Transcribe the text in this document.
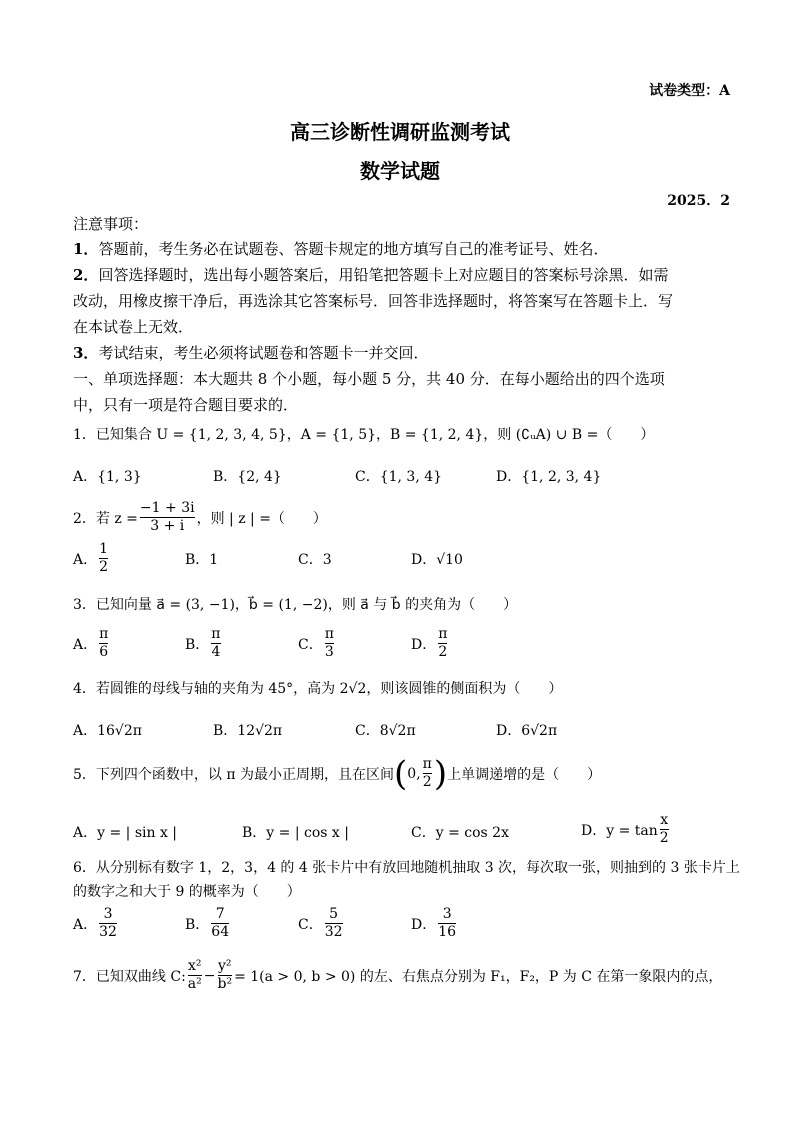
试卷类型：A
高三诊断性调研监测考试
数学试题
2025．2
注意事项：
1．答题前，考生务必在试题卷、答题卡规定的地方填写自己的准考证号、姓名．
2．回答选择题时，选出每小题答案后，用铅笔把答题卡上对应题目的答案标号涂黑．如需
改动，用橡皮擦干净后，再选涂其它答案标号．回答非选择题时，将答案写在答题卡上．写
在本试卷上无效．
3．考试结束，考生必须将试题卷和答题卡一并交回．
一、单项选择题：本大题共 8 个小题，每小题 5 分，共 40 分．在每小题给出的四个选项
中，只有一项是符合题目要求的．
1．已知集合 U = {1, 2, 3, 4, 5}，A = {1, 5}，B = {1, 2, 4}，则 (∁ᵤA) ∪ B =（　　）
A．{1, 3}	B．{2, 4}	C．{1, 3, 4}	D．{1, 2, 3, 4}
2．若 $z = \frac{-1 + 3i}{3 + i}$ ，则 | z | =（　　）
A． $\frac{1}{2}$	B．1	C．3	D．√10
3．已知向量 a⃗ = (3, −1)，b⃗ = (1, −2)，则 a⃗ 与 b⃗ 的夹角为（　　）
A． $\frac{\pi}{6}$	B． $\frac{\pi}{4}$	C． $\frac{\pi}{3}$	D． $\frac{\pi}{2}$
4．若圆锥的母线与轴的夹角为 45°，高为 2√2，则该圆锥的侧面积为（　　）
A．16√2π	B．12√2π	C．8√2π	D．6√2π
5．下列四个函数中，以 π 为最小正周期，且在区间 ( 0, $\frac{\pi}{2}$ ) 上单调递增的是（　　）
A．y = | sin x |	B．y = | cos x |	C．y = cos 2x	D．$y = \tan \frac{x}{2}$
6．从分别标有数字 1，2，3，4 的 4 张卡片中有放回地随机抽取 3 次，每次取一张，则抽到的 3 张卡片上
的数字之和大于 9 的概率为（　　）
A． $\frac{3}{32}$	B． $\frac{7}{64}$	C． $\frac{5}{32}$	D． $\frac{3}{16}$
7．已知双曲线 C: $\frac{\text{x²}}{\text{a²}} - \frac{\text{y²}}{\text{b²}} = 1(a > 0$, b > 0) 的左、右焦点分别为 F₁，F₂，P 为 C 在第一象限内的点，
